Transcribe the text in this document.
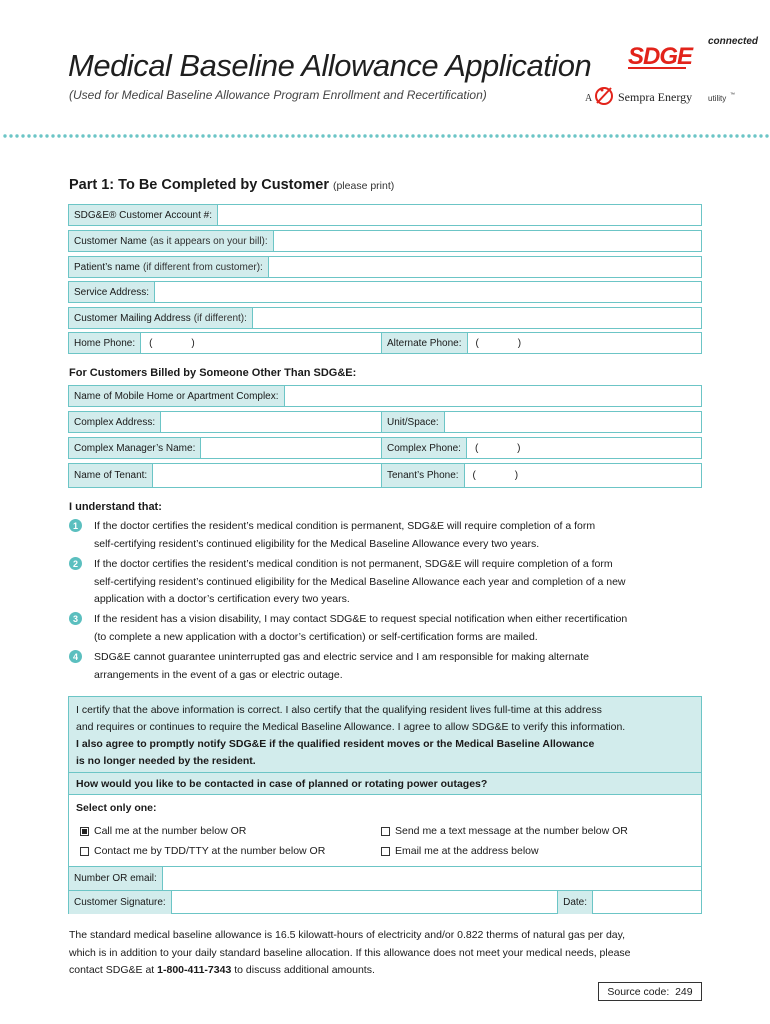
Medical Baseline Allowance Application
(Used for Medical Baseline Allowance Program Enrollment and Recertification)
connected
SDGE
A Sempra Energy utility ™
Part 1: To Be Completed by Customer (please print)
SDG&E® Customer Account #:
Customer Name (as it appears on your bill):
Patient’s name (if different from customer):
Service Address:
Customer Mailing Address (if different):
Home Phone:	(              )	Alternate Phone:	(              )
For Customers Billed by Someone Other Than SDG&E:
Name of Mobile Home or Apartment Complex:
Complex Address:	Unit/Space:
Complex Manager’s Name:	Complex Phone:	(              )
Name of Tenant:	Tenant’s Phone:	(              )
I understand that:
1	If the doctor certifies the resident’s medical condition is permanent, SDG&E will require completion of a form
self-certifying resident’s continued eligibility for the Medical Baseline Allowance every two years.
2	If the doctor certifies the resident’s medical condition is not permanent, SDG&E will require completion of a form
self-certifying resident’s continued eligibility for the Medical Baseline Allowance each year and completion of a new
application with a doctor’s certification every two years.
3	If the resident has a vision disability, I may contact SDG&E to request special notification when either recertification
(to complete a new application with a doctor’s certification) or self-certification forms are mailed.
4	SDG&E cannot guarantee uninterrupted gas and electric service and I am responsible for making alternate
arrangements in the event of a gas or electric outage.
I certify that the above information is correct. I also certify that the qualifying resident lives full-time at this address
and requires or continues to require the Medical Baseline Allowance. I agree to allow SDG&E to verify this information.
I also agree to promptly notify SDG&E if the qualified resident moves or the Medical Baseline Allowance
is no longer needed by the resident.
How would you like to be contacted in case of planned or rotating power outages?
Select only one:
Call me at the number below OR	Send me a text message at the number below OR
Contact me by TDD/TTY at the number below OR	Email me at the address below
Number OR email:
Customer Signature:	Date:
The standard medical baseline allowance is 16.5 kilowatt-hours of electricity and/or 0.822 therms of natural gas per day,
which is in addition to your daily standard baseline allocation. If this allowance does not meet your medical needs, please
contact SDG&E at 1-800-411-7343 to discuss additional amounts.
Source code:  249
